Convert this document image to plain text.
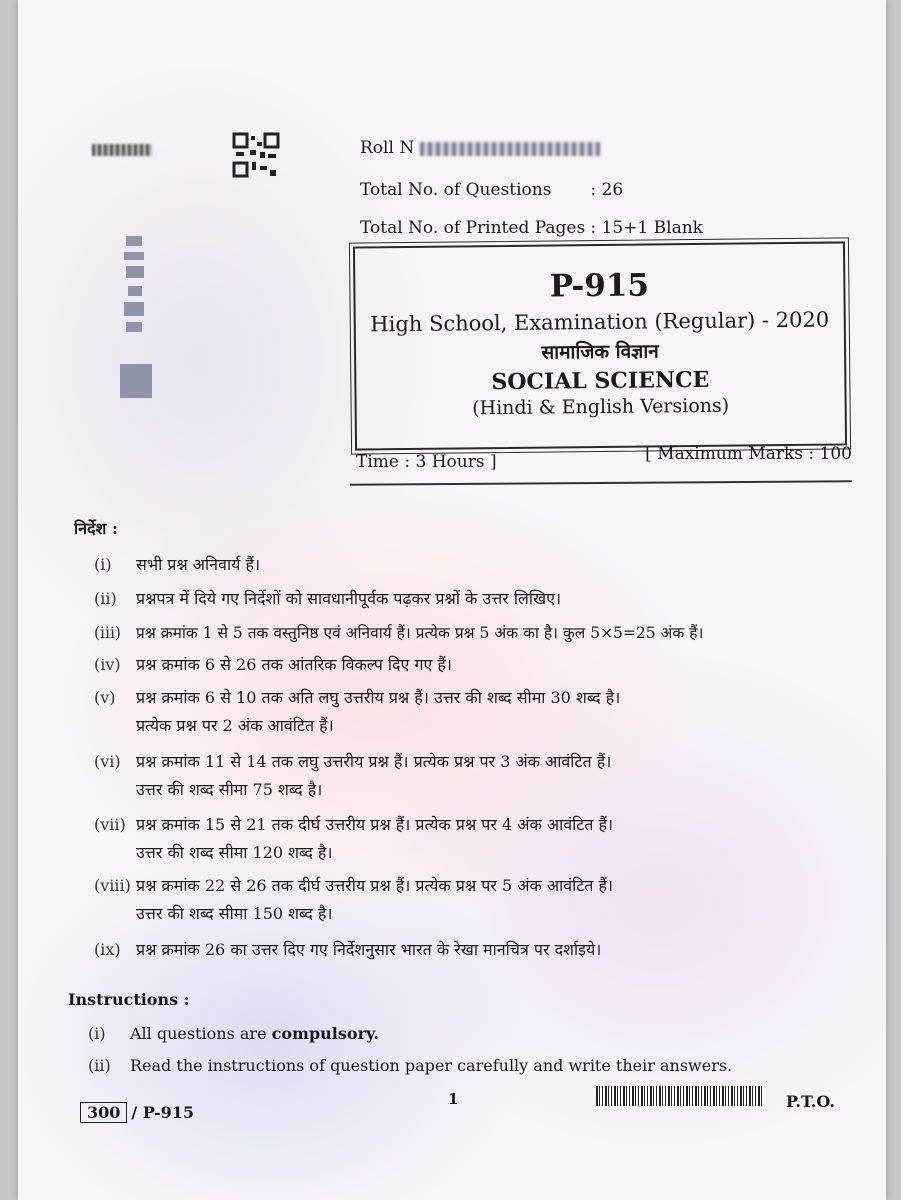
Roll N
Total No. of Questions : 26
Total No. of Printed Pages : 15+1 Blank
P-915
High School, Examination (Regular) - 2020
सामाजिक विज्ञान
SOCIAL SCIENCE
(Hindi & English Versions)
Time : 3 Hours ]	[ Maximum Marks : 100
निर्देश :
(i) सभी प्रश्न अनिवार्य हैं।
(ii) प्रश्नपत्र में दिये गए निर्देशों को सावधानीपूर्वक पढ़कर प्रश्नों के उत्तर लिखिए।
(iii) प्रश्न क्रमांक 1 से 5 तक वस्तुनिष्ठ एवं अनिवार्य हैं। प्रत्येक प्रश्न 5 अंक का है। कुल 5×5=25 अंक हैं।
(iv) प्रश्न क्रमांक 6 से 26 तक आंतरिक विकल्प दिए गए हैं।
(v) प्रश्न क्रमांक 6 से 10 तक अति लघु उत्तरीय प्रश्न हैं। उत्तर की शब्द सीमा 30 शब्द है।
प्रत्येक प्रश्न पर 2 अंक आवंटित हैं।
(vi) प्रश्न क्रमांक 11 से 14 तक लघु उत्तरीय प्रश्न हैं। प्रत्येक प्रश्न पर 3 अंक आवंटित हैं।
उत्तर की शब्द सीमा 75 शब्द है।
(vii) प्रश्न क्रमांक 15 से 21 तक दीर्घ उत्तरीय प्रश्न हैं। प्रत्येक प्रश्न पर 4 अंक आवंटित हैं।
उत्तर की शब्द सीमा 120 शब्द है।
(viii) प्रश्न क्रमांक 22 से 26 तक दीर्घ उत्तरीय प्रश्न हैं। प्रत्येक प्रश्न पर 5 अंक आवंटित हैं।
उत्तर की शब्द सीमा 150 शब्द है।
(ix) प्रश्न क्रमांक 26 का उत्तर दिए गए निर्देशनुसार भारत के रेखा मानचित्र पर दर्शाइये।
Instructions :
(i) All questions are compulsory.
(ii) Read the instructions of question paper carefully and write their answers.
300 / P-915
1	P.T.O.
